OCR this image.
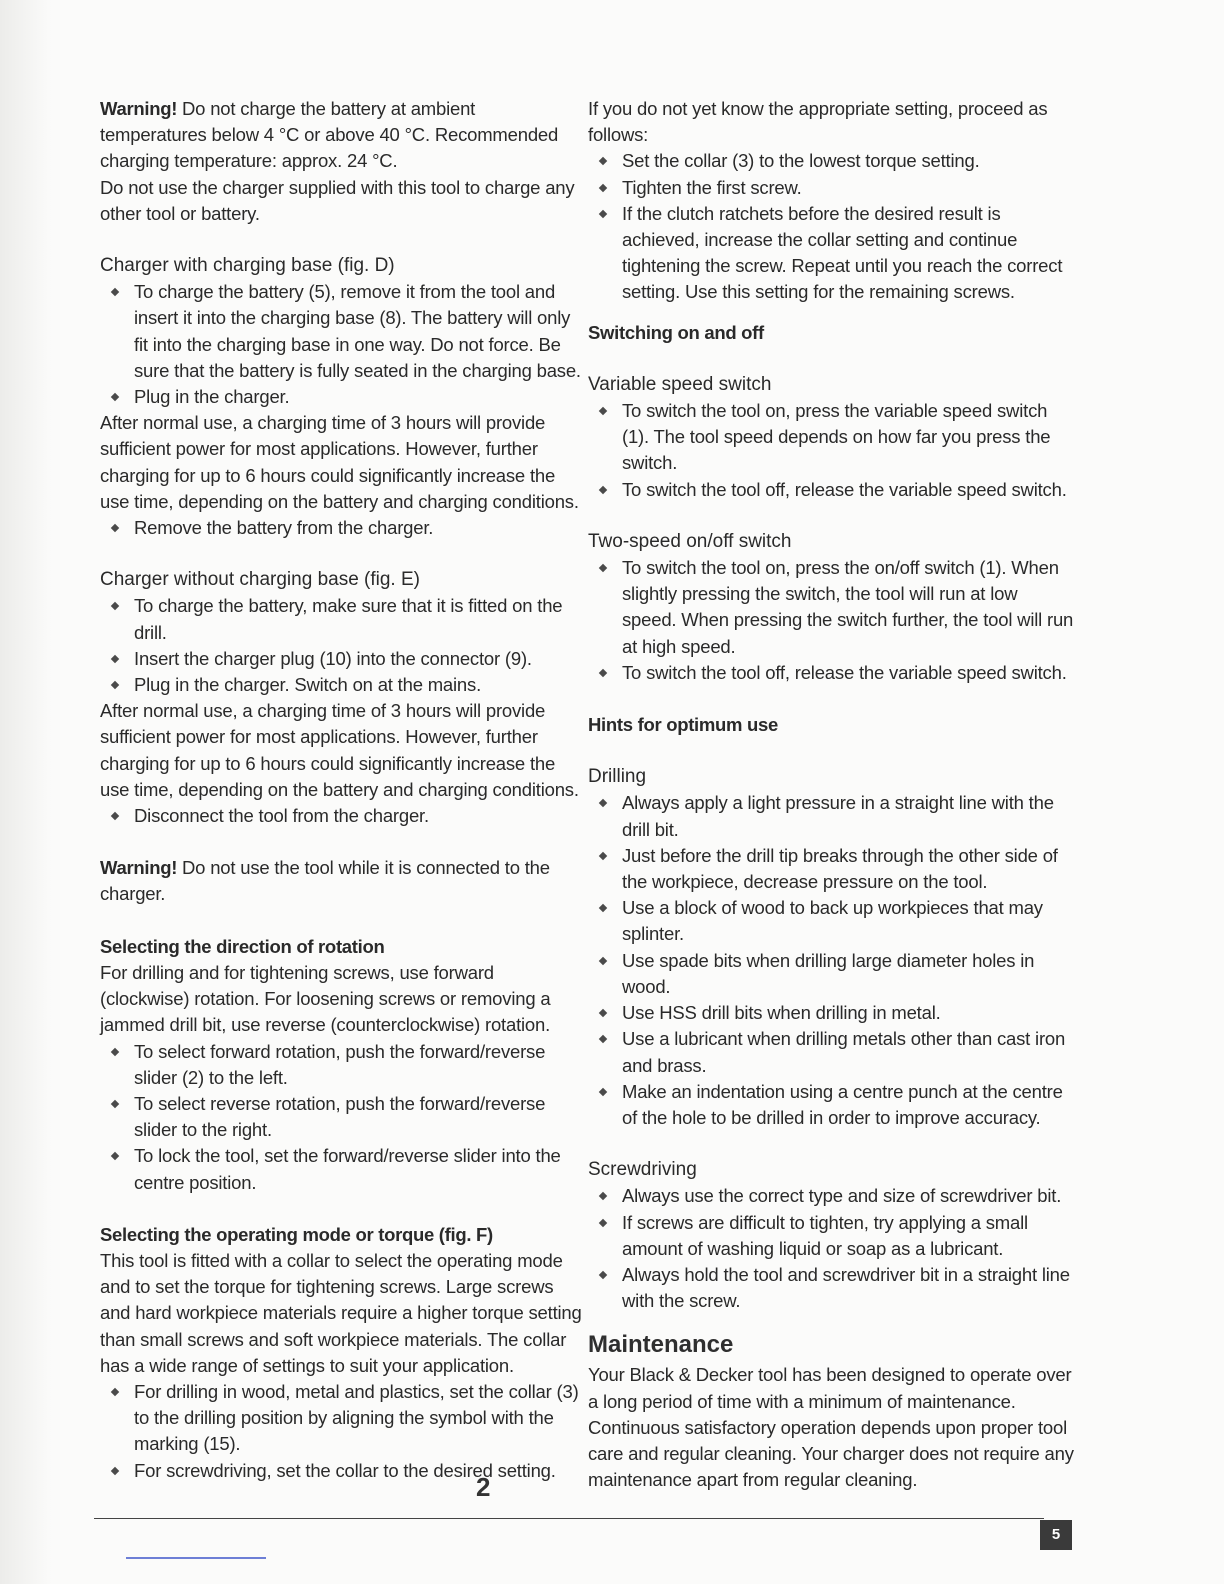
Warning! Do not charge the battery at ambient temperatures below 4 °C or above 40 °C. Recommended charging temperature: approx. 24 °C.

Do not use the charger supplied with this tool to charge any other tool or battery.

Charger with charging base (fig. D)
To charge the battery (5), remove it from the tool and insert it into the charging base (8). The battery will only fit into the charging base in one way. Do not force. Be sure that the battery is fully seated in the charging base.
Plug in the charger.

After normal use, a charging time of 3 hours will provide sufficient power for most applications. However, further charging for up to 6 hours could significantly increase the use time, depending on the battery and charging conditions.

Remove the battery from the charger.
Charger without charging base (fig. E)
To charge the battery, make sure that it is fitted on the drill.
Insert the charger plug (10) into the connector (9).
Plug in the charger. Switch on at the mains.

After normal use, a charging time of 3 hours will provide sufficient power for most applications. However, further charging for up to 6 hours could significantly increase the use time, depending on the battery and charging conditions.

Disconnect the tool from the charger.

Warning! Do not use the tool while it is connected to the charger.

Selecting the direction of rotation

For drilling and for tightening screws, use forward (clockwise) rotation. For loosening screws or removing a jammed drill bit, use reverse (counterclockwise) rotation.

To select forward rotation, push the forward/reverse slider (2) to the left.
To select reverse rotation, push the forward/reverse slider to the right.
To lock the tool, set the forward/reverse slider into the centre position.
Selecting the operating mode or torque (fig. F)

This tool is fitted with a collar to select the operating mode and to set the torque for tightening screws. Large screws and hard workpiece materials require a higher torque setting than small screws and soft workpiece materials. The collar has a wide range of settings to suit your application.

For drilling in wood, metal and plastics, set the collar (3) to the drilling position by aligning the symbol with the marking (15).
For screwdriving, set the collar to the desired setting.

If you do not yet know the appropriate setting, proceed as follows:

Set the collar (3) to the lowest torque setting.
Tighten the first screw.
If the clutch ratchets before the desired result is achieved, increase the collar setting and continue tightening the screw. Repeat until you reach the correct setting. Use this setting for the remaining screws.
Switching on and off
Variable speed switch
To switch the tool on, press the variable speed switch (1). The tool speed depends on how far you press the switch.
To switch the tool off, release the variable speed switch.
Two-speed on/off switch
To switch the tool on, press the on/off switch (1). When slightly pressing the switch, the tool will run at low speed. When pressing the switch further, the tool will run at high speed.
To switch the tool off, release the variable speed switch.
Hints for optimum use
Drilling
Always apply a light pressure in a straight line with the drill bit.
Just before the drill tip breaks through the other side of the workpiece, decrease pressure on the tool.
Use a block of wood to back up workpieces that may splinter.
Use spade bits when drilling large diameter holes in wood.
Use HSS drill bits when drilling in metal.
Use a lubricant when drilling metals other than cast iron and brass.
Make an indentation using a centre punch at the centre of the hole to be drilled in order to improve accuracy.
Screwdriving
Always use the correct type and size of screwdriver bit.
If screws are difficult to tighten, try applying a small amount of washing liquid or soap as a lubricant.
Always hold the tool and screwdriver bit in a straight line with the screw.
Maintenance

Your Black & Decker tool has been designed to operate over a long period of time with a minimum of maintenance. Continuous satisfactory operation depends upon proper tool care and regular cleaning. Your charger does not require any maintenance apart from regular cleaning.

2
5
